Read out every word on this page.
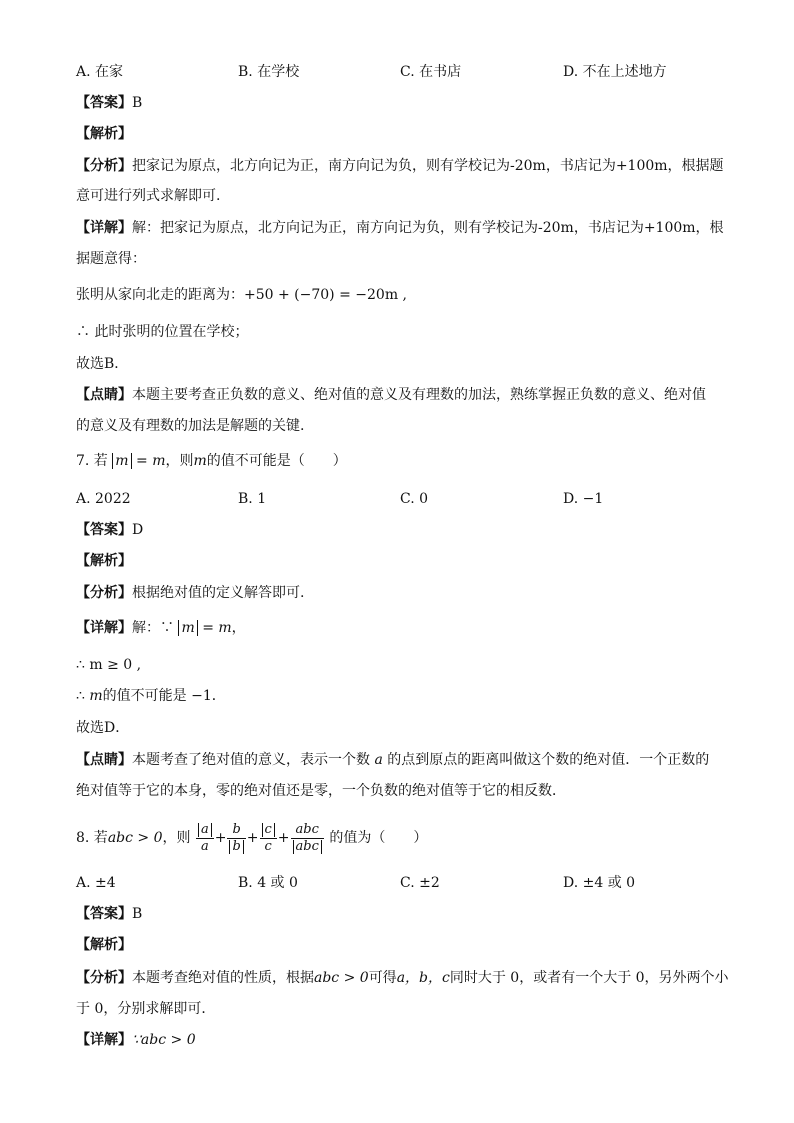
A. 在家	B. 在学校	C. 在书店	D. 不在上述地方
【答案】B
【解析】
【分析】把家记为原点，北方向记为正，南方向记为负，则有学校记为-20m，书店记为+100m，根据题
意可进行列式求解即可.
【详解】解：把家记为原点，北方向记为正，南方向记为负，则有学校记为-20m，书店记为+100m，根
据题意得：
张明从家向北走的距离为：+50 + (−70) = −20m ,
∴ 此时张明的位置在学校；
故选B．
【点睛】本题主要考查正负数的意义、绝对值的意义及有理数的加法，熟练掌握正负数的意义、绝对值
的意义及有理数的加法是解题的关键.
7. 若 m = m，则m的值不可能是（　　）
A. 2022	B. 1	C. 0	D. −1
【答案】D
【解析】
【分析】根据绝对值的定义解答即可.
【详解】解：∵ m = m，
∴ m ≥ 0 ,
∴ m的值不可能是 −1．
故选D．
【点睛】本题考查了绝对值的意义，表示一个数 a 的点到原点的距离叫做这个数的绝对值．一个正数的
绝对值等于它的本身，零的绝对值还是零，一个负数的绝对值等于它的相反数．
8. 若abc > 0，则 $\frac{a}{a} + \frac{b}{b} + \frac{c}{c} + \frac{\text{abc}}{\text{abc}}$ 的值为（　　）
A. ±4	B. 4 或 0	C. ±2	D. ±4 或 0
【答案】B
【解析】
【分析】本题考查绝对值的性质，根据abc > 0可得a，b，c同时大于 0，或者有一个大于 0，另外两个小
于 0，分别求解即可．
【详解】∵abc > 0
